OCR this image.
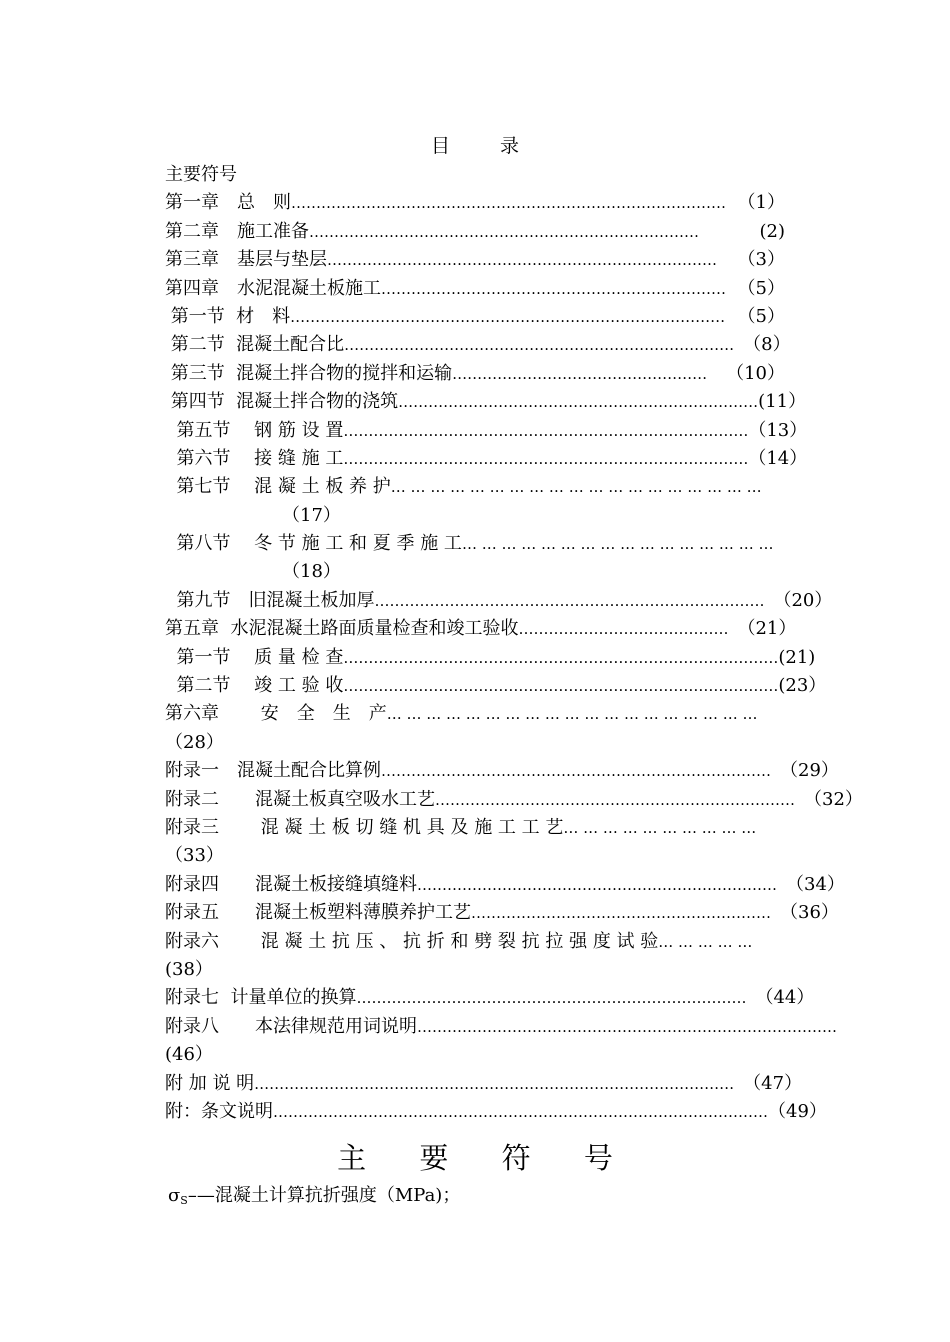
目 录
主要符号
第一章　总　则 …………………………………………………………………………… （1）
第二章　施工准备 ……………………………………………………………………	(2)
第三章　基层与垫层 …………………………………………………………………… 　（3）
第四章　水泥混凝土板施工 …………………………………………………………… 　（5）
第一节  材　料 …………………………………………………………………………… （5）
第二节  混凝土配合比 …………………………………………………………………… 　（8）
第三节  混凝土拌合物的搅拌和运输 …………………………………………… 　（10）
第四节  混凝土拌合物的浇筑 ……………………………………………………………… (11）
第五节　 钢 筋 设 置 ……………………………………………………………………… （13）
第六节　 接 缝 施 工 ……………………………………………………………………… （14）
第七节　 混 凝 土 板 养 护 … … … … … … … … … … … … … … … … … … …
　　　　　　　（17）
第八节　 冬 节 施 工 和 夏 季 施 工 … … … … … … … … … … … … … … … …
　　　　　　　（18）
第九节　旧混凝土板加厚 …………………………………………………………………… 　（20）
第五章  水泥混凝土路面质量检查和竣工验收 …………………………………… 　（21）
第一节　 质 量 检 查 …………………………………………………………………………… (21)
第二节　 竣 工 验 收 …………………………………………………………………………… (23）
第六章　　 安　全　生　产 … … … … … … … … … … … … … … … … … … …
（28）
附录一　混凝土配合比算例 …………………………………………………………………… 　（29）
附录二　　混凝土板真空吸水工艺 ……………………………………………………………… 　（32）
附录三　　 混 凝 土 板 切 缝 机 具 及 施 工 工 艺 … … … … … … … … … …
（33）
附录四　　混凝土板接缝填缝料 ……………………………………………………………… 　（34）
附录五　　混凝土板塑料薄膜养护工艺 …………………………………………………… 　（36）
附录六　　 混 凝 土 抗 压 、 抗 折 和 劈 裂 抗 拉 强 度 试 验 … … … … …
(38）
附录七  计量单位的换算 …………………………………………………………………… 　（44）
附录八　　本法律规范用词说明 …………………………………………………………………………
(46）
附 加 说 明 …………………………………………………………………………………… 　（47）
附：条文说明 ……………………………………………………………………………………… （49）
主 要 符 号
$\sigma_S-—$混凝土计算抗折强度（MPa)；
